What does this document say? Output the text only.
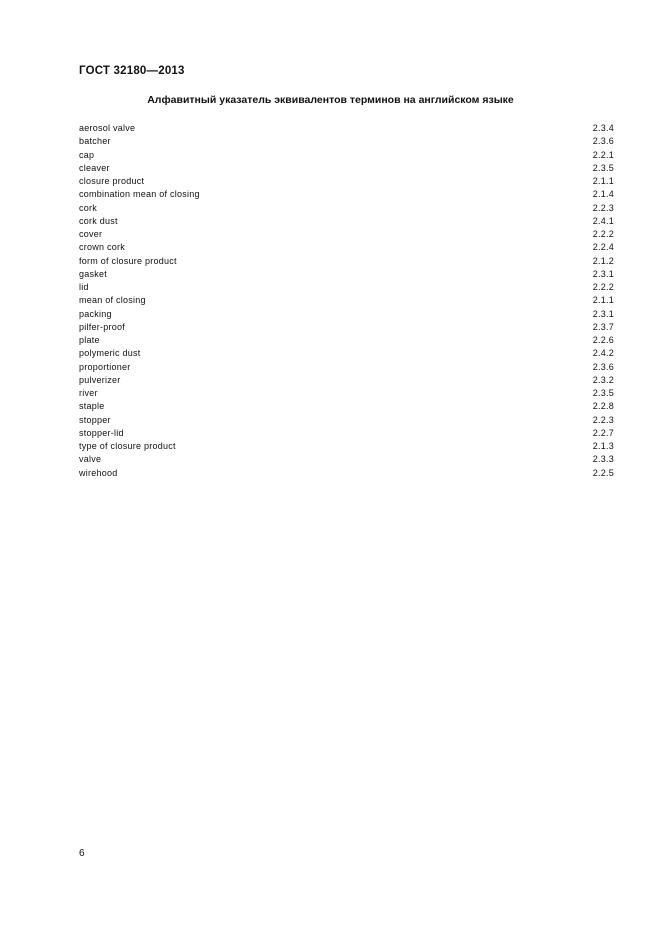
ГОСТ 32180—2013
Алфавитный указатель эквивалентов терминов на английском языке
aerosol valve	2.3.4
batcher	2.3.6
cap	2.2.1
cleaver	2.3.5
closure product	2.1.1
combination mean of closing	2.1.4
cork	2.2.3
cork dust	2.4.1
cover	2.2.2
crown cork	2.2.4
form of closure product	2.1.2
gasket	2.3.1
lid	2.2.2
mean of closing	2.1.1
packing	2.3.1
pilfer-proof	2.3.7
plate	2.2.6
polymeric dust	2.4.2
proportioner	2.3.6
pulverizer	2.3.2
river	2.3.5
staple	2.2.8
stopper	2.2.3
stopper-lid	2.2.7
type of closure product	2.1.3
valve	2.3.3
wirehood	2.2.5
6
